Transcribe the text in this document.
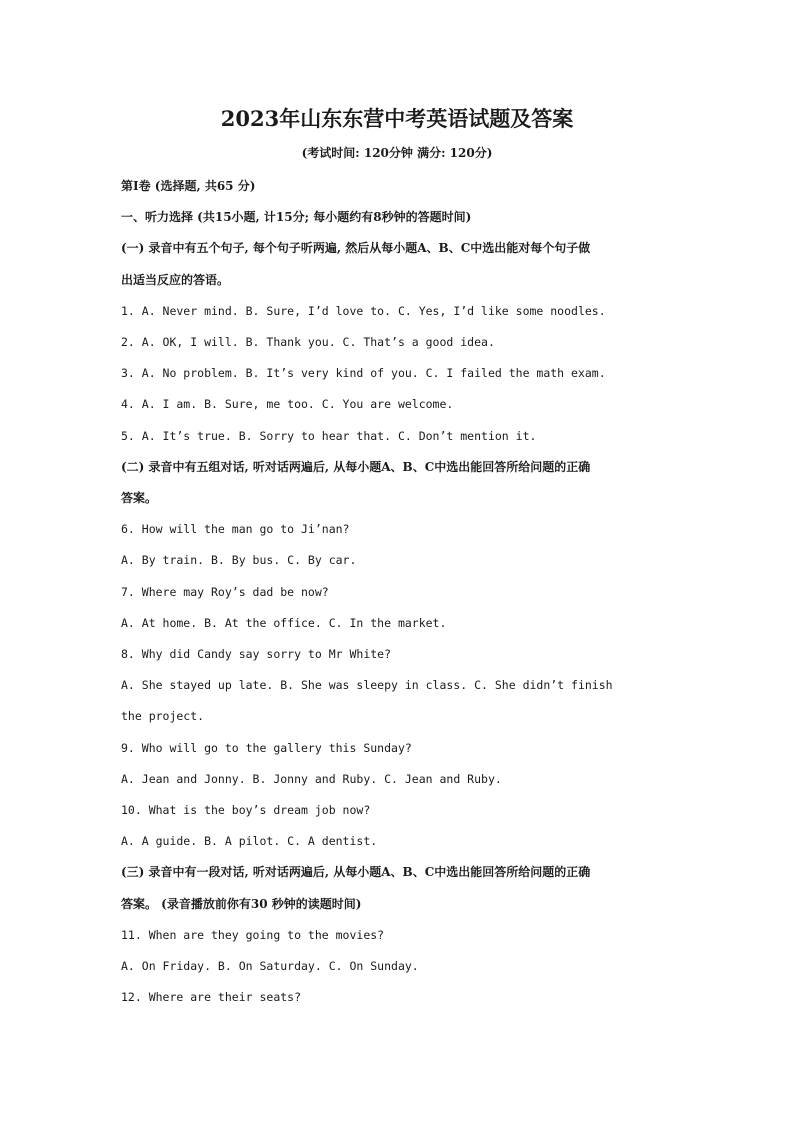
2023年山东东营中考英语试题及答案
(考试时间: 120分钟 满分: 120分)
第Ⅰ卷 (选择题, 共65 分)
一、听力选择 (共15小题, 计15分; 每小题约有8秒钟的答题时间)
(一) 录音中有五个句子, 每个句子听两遍, 然后从每小题A、B、C中选出能对每个句子做
出适当反应的答语。
1. A. Never mind. B. Sure, I’d love to. C. Yes, I’d like some noodles.
2. A. OK, I will. B. Thank you. C. That’s a good idea.
3. A. No problem. B. It’s very kind of you. C. I failed the math exam.
4. A. I am. B. Sure, me too. C. You are welcome.
5. A. It’s true. B. Sorry to hear that. C. Don’t mention it.
(二) 录音中有五组对话, 听对话两遍后, 从每小题A、B、C中选出能回答所给问题的正确
答案。
6. How will the man go to Ji’nan?
A. By train. B. By bus. C. By car.
7. Where may Roy’s dad be now?
A. At home. B. At the office. C. In the market.
8. Why did Candy say sorry to Mr White?
A. She stayed up late. B. She was sleepy in class. C. She didn’t finish
the project.
9. Who will go to the gallery this Sunday?
A. Jean and Jonny. B. Jonny and Ruby. C. Jean and Ruby.
10. What is the boy’s dream job now?
A. A guide. B. A pilot. C. A dentist.
(三) 录音中有一段对话, 听对话两遍后, 从每小题A、B、C中选出能回答所给问题的正确
答案。 (录音播放前你有30 秒钟的读题时间)
11. When are they going to the movies?
A. On Friday. B. On Saturday. C. On Sunday.
12. Where are their seats?
